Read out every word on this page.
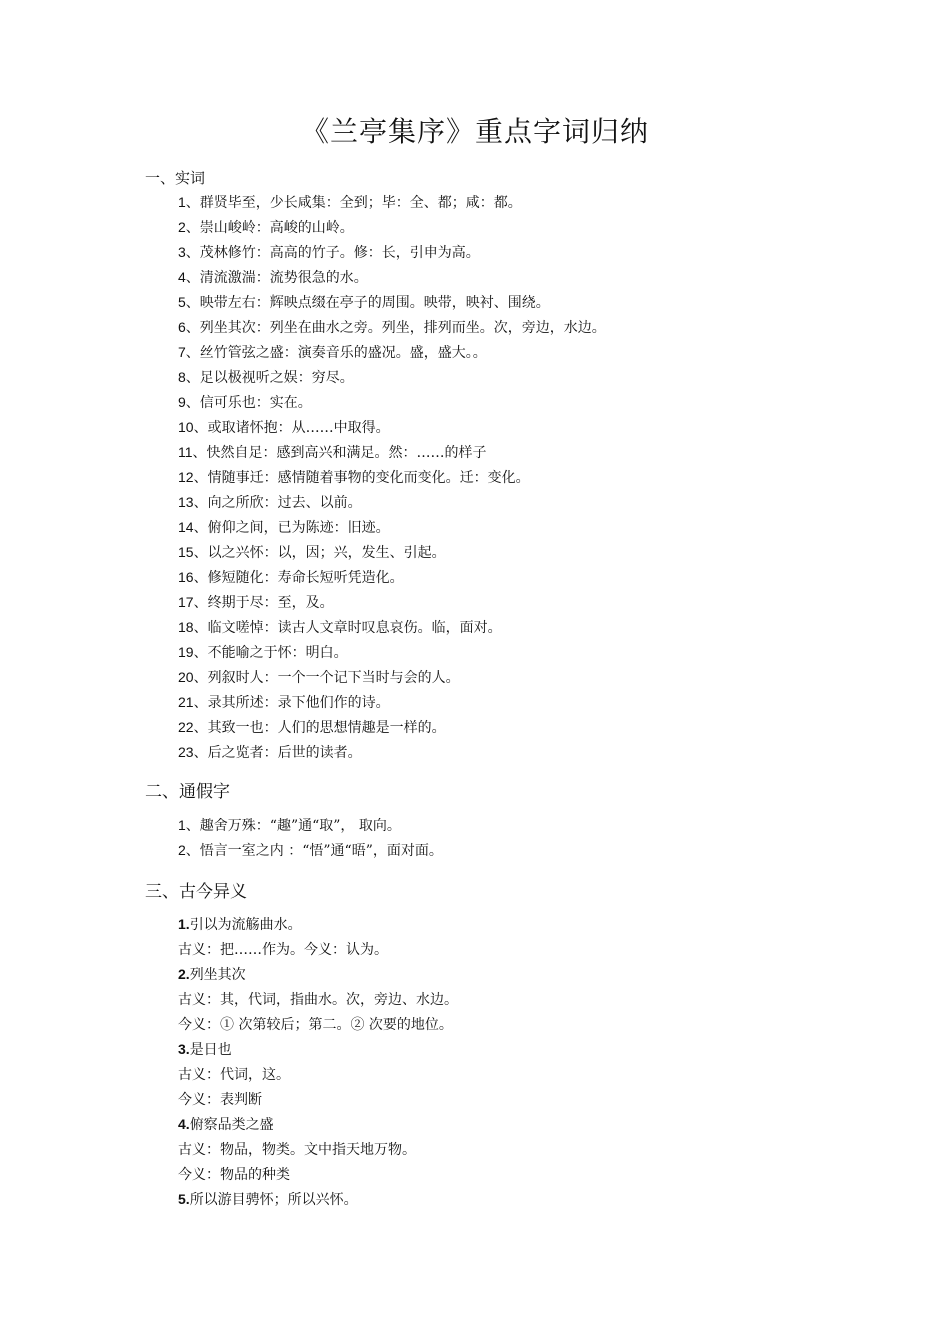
《兰亭集序》重点字词归纳
一、实词
1、群贤毕至，少长咸集：全到；毕：全、都；咸：都。
2、崇山峻岭：高峻的山岭。
3、茂林修竹：高高的竹子。修：长，引申为高。
4、清流激湍：流势很急的水。
5、映带左右：辉映点缀在亭子的周围。映带，映衬、围绕。
6、列坐其次：列坐在曲水之旁。列坐，排列而坐。次，旁边，水边。
7、丝竹管弦之盛：演奏音乐的盛况。盛，盛大。。
8、足以极视听之娱：穷尽。
9、信可乐也：实在。
10、或取诸怀抱：从……中取得。
11、快然自足：感到高兴和满足。然：……的样子
12、情随事迁：感情随着事物的变化而变化。迁：变化。
13、向之所欣：过去、以前。
14、俯仰之间，已为陈迹：旧迹。
15、以之兴怀：以，因；兴，发生、引起。
16、修短随化：寿命长短听凭造化。
17、终期于尽：至，及。
18、临文嗟悼：读古人文章时叹息哀伤。临，面对。
19、不能喻之于怀：明白。
20、列叙时人：一个一个记下当时与会的人。
21、录其所述：录下他们作的诗。
22、其致一也：人们的思想情趣是一样的。
23、后之览者：后世的读者。
二、通假字
1、趣舍万殊：“趣”通“取”， 取向。
2、悟言一室之内 ：“悟”通“晤”，面对面。
三、古今异义
1.引以为流觞曲水。
古义：把……作为。今义：认为。
2.列坐其次
古义：其，代词，指曲水。次，旁边、水边。
今义：① 次第较后；第二。② 次要的地位。
3.是日也
古义：代词，这。
今义：表判断
4.俯察品类之盛
古义：物品，物类。文中指天地万物。
今义：物品的种类
5.所以游目骋怀；所以兴怀。
